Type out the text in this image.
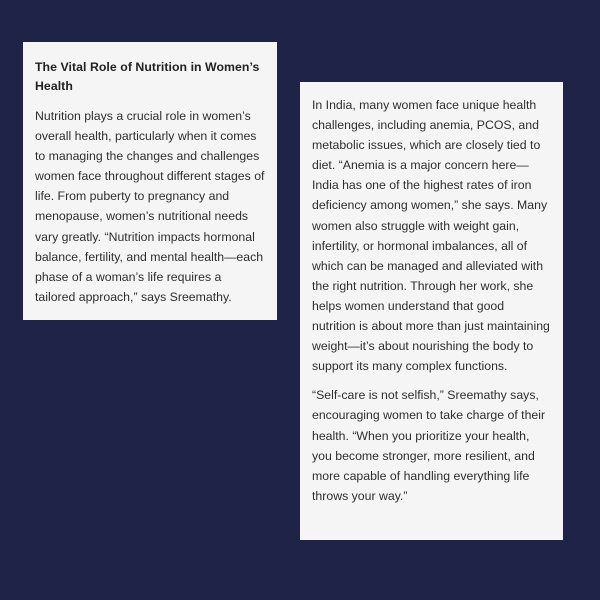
The Vital Role of Nutrition in Women’s Health

Nutrition plays a crucial role in women’s overall health, particularly when it comes to managing the changes and challenges women face throughout different stages of life. From puberty to pregnancy and menopause, women’s nutritional needs vary greatly. “Nutrition impacts hormonal balance, fertility, and mental health—each phase of a woman’s life requires a tailored approach,” says Sreemathy.

In India, many women face unique health challenges, including anemia, PCOS, and metabolic issues, which are closely tied to diet. “Anemia is a major concern here—India has one of the highest rates of iron deficiency among women,” she says. Many women also struggle with weight gain, infertility, or hormonal imbalances, all of which can be managed and alleviated with the right nutrition. Through her work, she helps women understand that good nutrition is about more than just maintaining weight—it’s about nourishing the body to support its many complex functions.

“Self-care is not selfish,” Sreemathy says, encouraging women to take charge of their health. “When you prioritize your health, you become stronger, more resilient, and more capable of handling everything life throws your way.”
